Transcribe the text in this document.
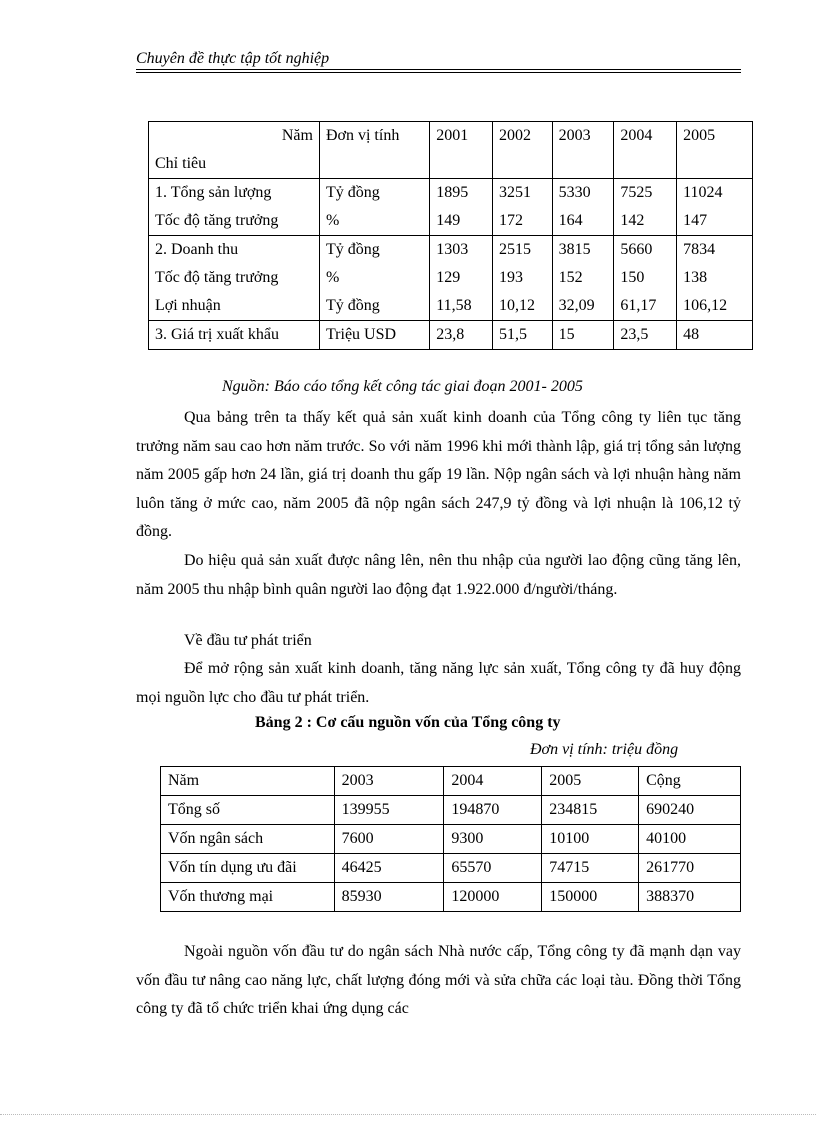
Chuyên đề thực tập tốt nghiệp
Năm
Chỉ tiêu	Đơn vị tính	2001	2002	2003	2004	2005
1. Tổng sản lượng	Tỷ đồng	1895	3251	5330	7525	11024
Tốc độ tăng trưởng	%	149	172	164	142	147
2. Doanh thu	Tỷ đồng	1303	2515	3815	5660	7834
Tốc độ tăng trưởng	%	129	193	152	150	138
Lợi nhuận	Tỷ đồng	11,58	10,12	32,09	61,17	106,12
3. Giá trị xuất khẩu	Triệu USD	23,8	51,5	15	23,5	48
Nguồn: Báo cáo tổng kết công tác giai đoạn 2001- 2005
Qua bảng trên ta thấy kết quả sản xuất kinh doanh của Tổng công ty liên tục tăng trưởng năm sau cao hơn năm trước. So với năm 1996 khi mới thành lập, giá trị tổng sản lượng năm 2005 gấp hơn 24 lần, giá trị doanh thu gấp 19 lần. Nộp ngân sách và lợi nhuận hàng năm luôn tăng ở mức cao, năm 2005 đã nộp ngân sách 247,9 tỷ đồng và lợi nhuận là 106,12 tỷ đồng.
Do hiệu quả sản xuất được nâng lên, nên thu nhập của người lao động cũng tăng lên, năm 2005 thu nhập bình quân người lao động đạt 1.922.000 đ/người/tháng.
Về đầu tư phát triển
Để mở rộng sản xuất kinh doanh, tăng năng lực sản xuất, Tổng công ty đã huy động mọi nguồn lực cho đầu tư phát triển.
Bảng 2 : Cơ cấu nguồn vốn của Tổng công ty
Đơn vị tính: triệu đồng
Năm	2003	2004	2005	Cộng
Tổng số	139955	194870	234815	690240
Vốn ngân sách	7600	9300	10100	40100
Vốn tín dụng ưu đãi	46425	65570	74715	261770
Vốn thương mại	85930	120000	150000	388370
Ngoài nguồn vốn đầu tư do ngân sách Nhà nước cấp, Tổng công ty đã mạnh dạn vay vốn đầu tư nâng cao năng lực, chất lượng đóng mới và sửa chữa các loại tàu. Đồng thời Tổng công ty đã tổ chức triển khai ứng dụng các
